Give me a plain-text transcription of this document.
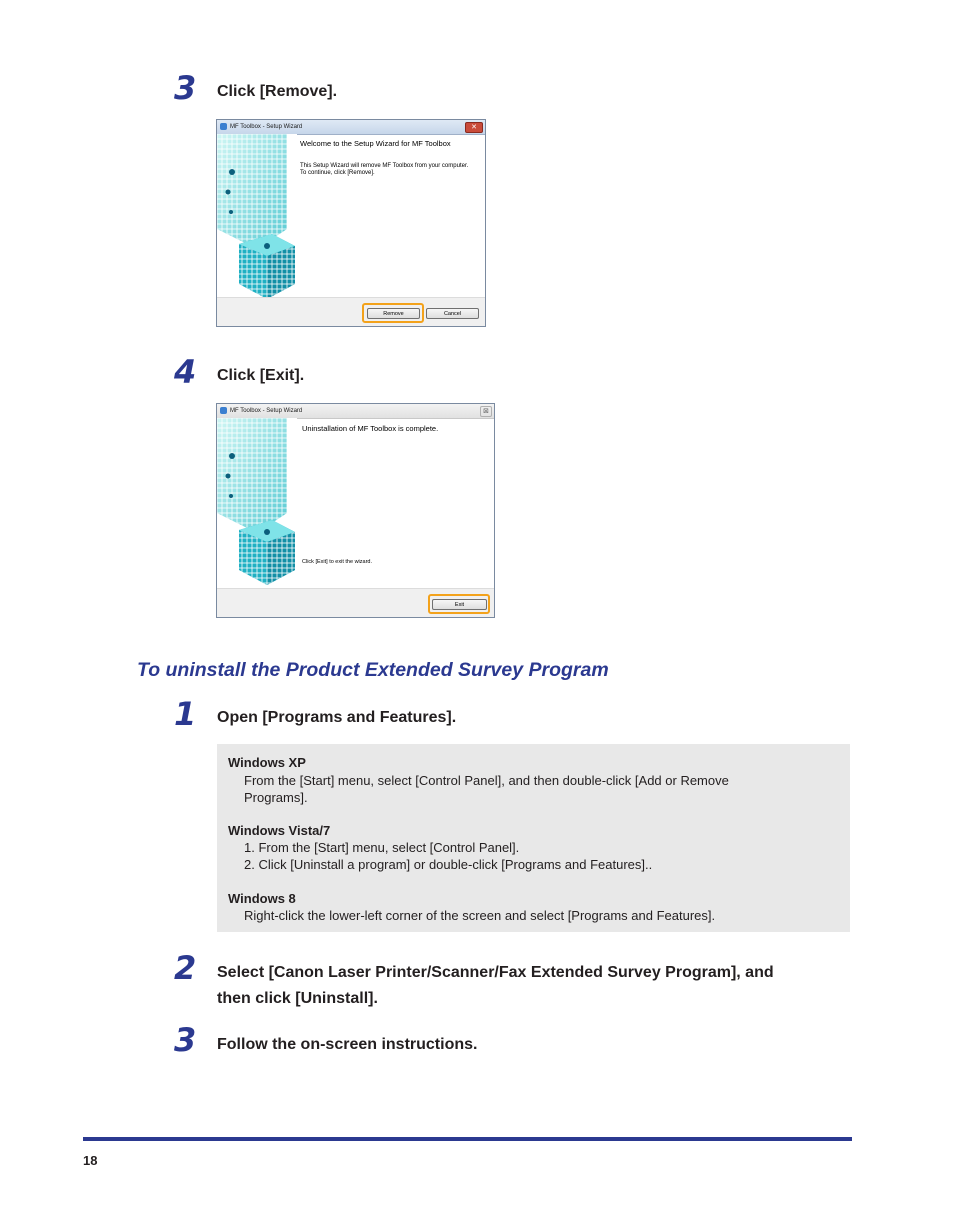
3	Click [Remove].
MF Toolbox - Setup Wizard	✕
Welcome to the Setup Wizard for MF Toolbox
This Setup Wizard will remove MF Toolbox from your computer. To continue, click [Remove].
Remove	Cancel
4	Click [Exit].
MF Toolbox - Setup Wizard	⊠
Uninstallation of MF Toolbox is complete.
Click [Exit] to exit the wizard.
Exit
To uninstall the Product Extended Survey Program
1	Open [Programs and Features].
Windows XP
From the [Start] menu, select [Control Panel], and then double-click [Add or Remove
Programs].
Windows Vista/7
1. From the [Start] menu, select [Control Panel].
2. Click [Uninstall a program] or double-click [Programs and Features]..
Windows 8
Right-click the lower-left corner of the screen and select [Programs and Features].
2	Select [Canon Laser Printer/Scanner/Fax Extended Survey Program], and
then click [Uninstall].
3	Follow the on-screen instructions.
18
